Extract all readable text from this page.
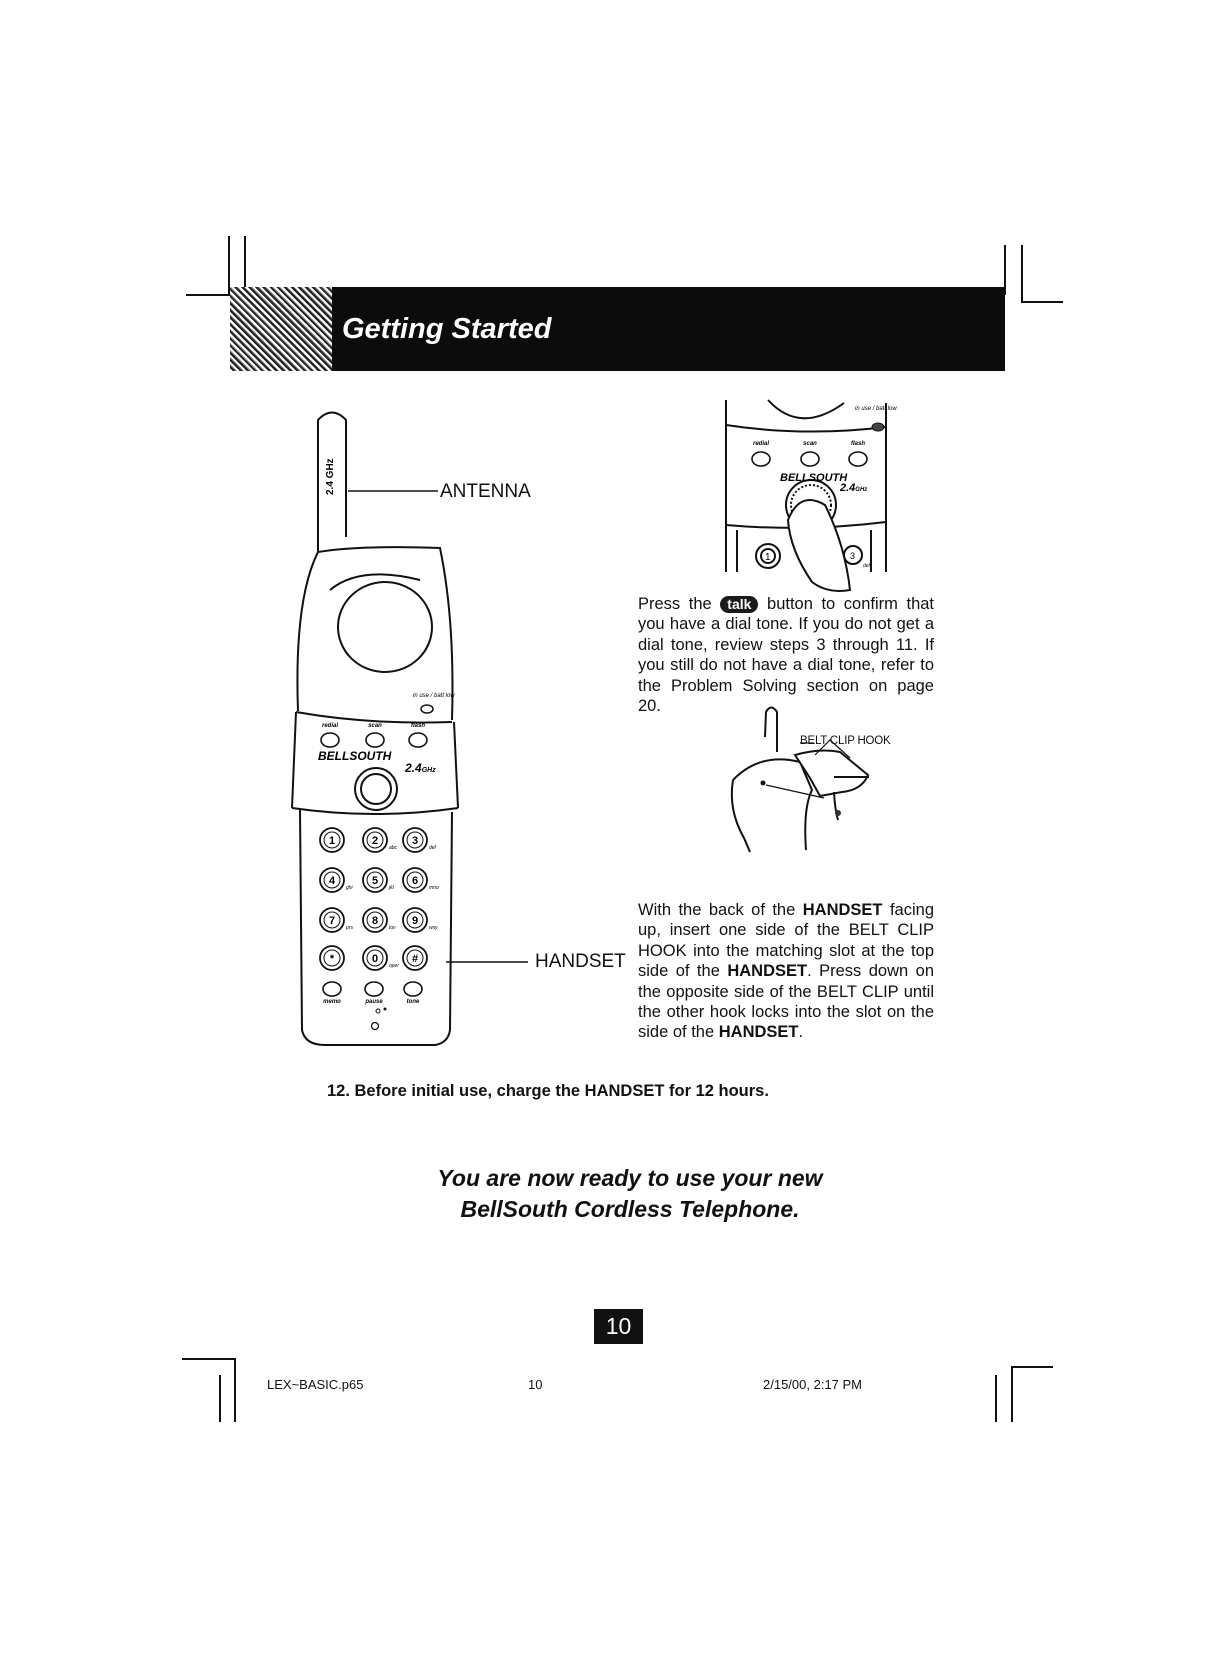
Getting Started
2.4 GHz
in use / batt low
redial	scan	flash
BELLSOUTH
2.4GHz
1	2
abc
3
def
4
ghi
5
jkl
6
mno
7
prs
8
tuv
9
wxy
*	0
oper
#
memo	pause	tone
ANTENNA
HANDSET
in use / batt low
redial	scan	flash
BELLSOUTH
2.4GHz
1	3
def
Press the talk button to confirm that you have a dial tone. If you do not get a dial tone, review steps 3 through 11. If you still do not have a dial tone, refer to the Problem Solving section on page 20.
BELT CLIP HOOK
With the back of the HANDSET facing up, insert one side of the BELT CLIP HOOK into the matching slot at the top side of the HANDSET. Press down on the opposite side of the BELT CLIP until the other hook locks into the slot on the side of the HANDSET.
12. Before initial use, charge the HANDSET for 12 hours.
You are now ready to use your new
BellSouth Cordless Telephone.
10
LEX~BASIC.p65	10	2/15/00, 2:17 PM
